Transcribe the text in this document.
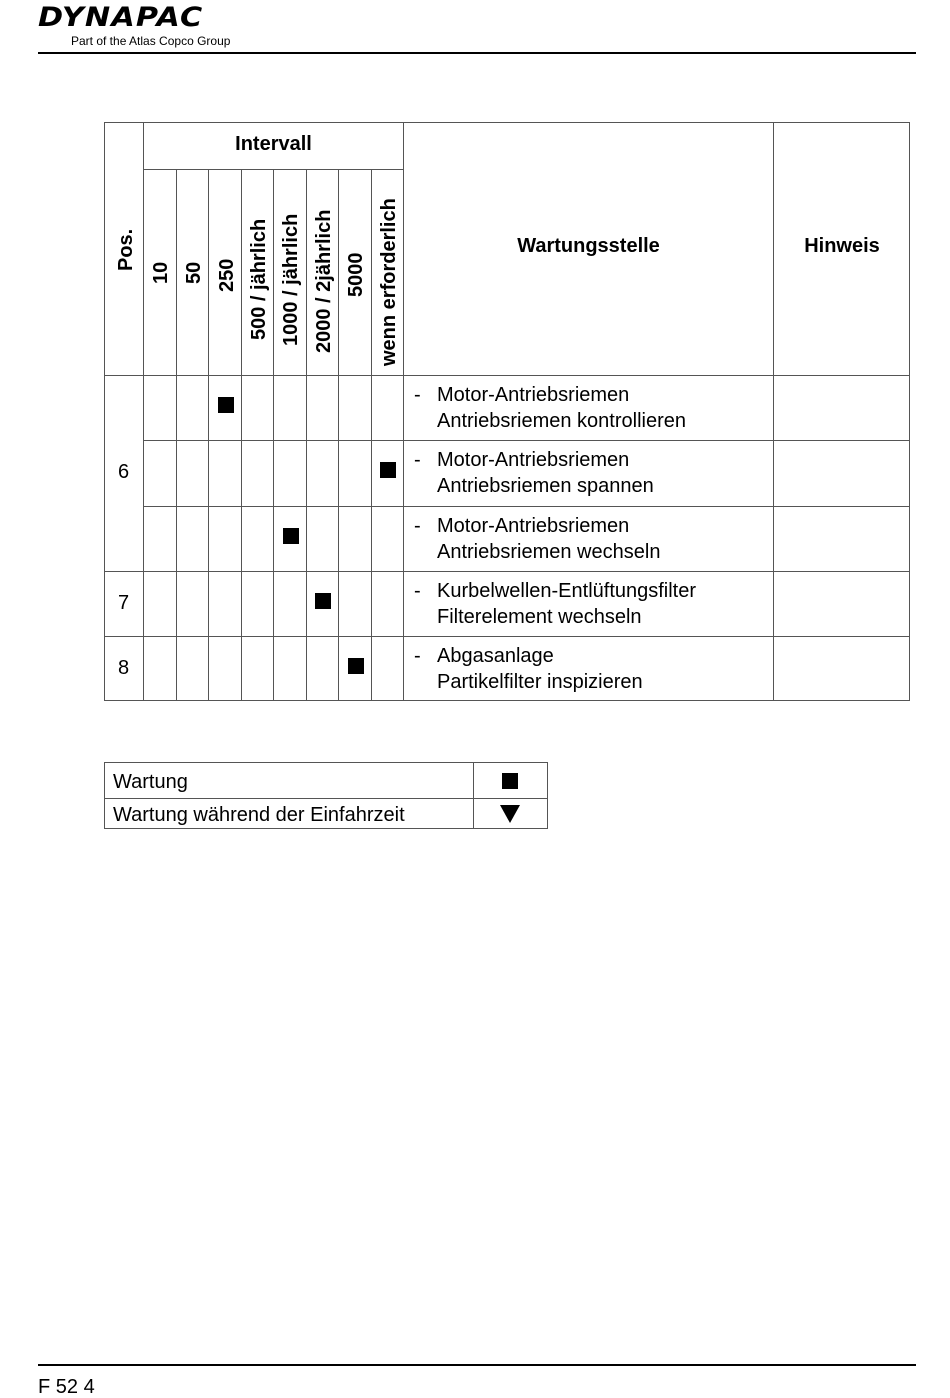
DYNAPAC
Part of the Atlas Copco Group
Pos.
Intervall
10 50 250 500 / jährlich 1000 / jährlich 2000 / 2jährlich 5000 wenn erforderlich	Wartungsstelle	Hinweis
6
7
8
- Motor-Antriebsriemen
Antriebsriemen kontrollieren
- Motor-Antriebsriemen
Antriebsriemen spannen
- Motor-Antriebsriemen
Antriebsriemen wechseln
- Kurbelwellen-Entlüftungsfilter
Filterelement wechseln
- Abgasanlage
Partikelfilter inspizieren
Wartung
Wartung während der Einfahrzeit
F 52 4
